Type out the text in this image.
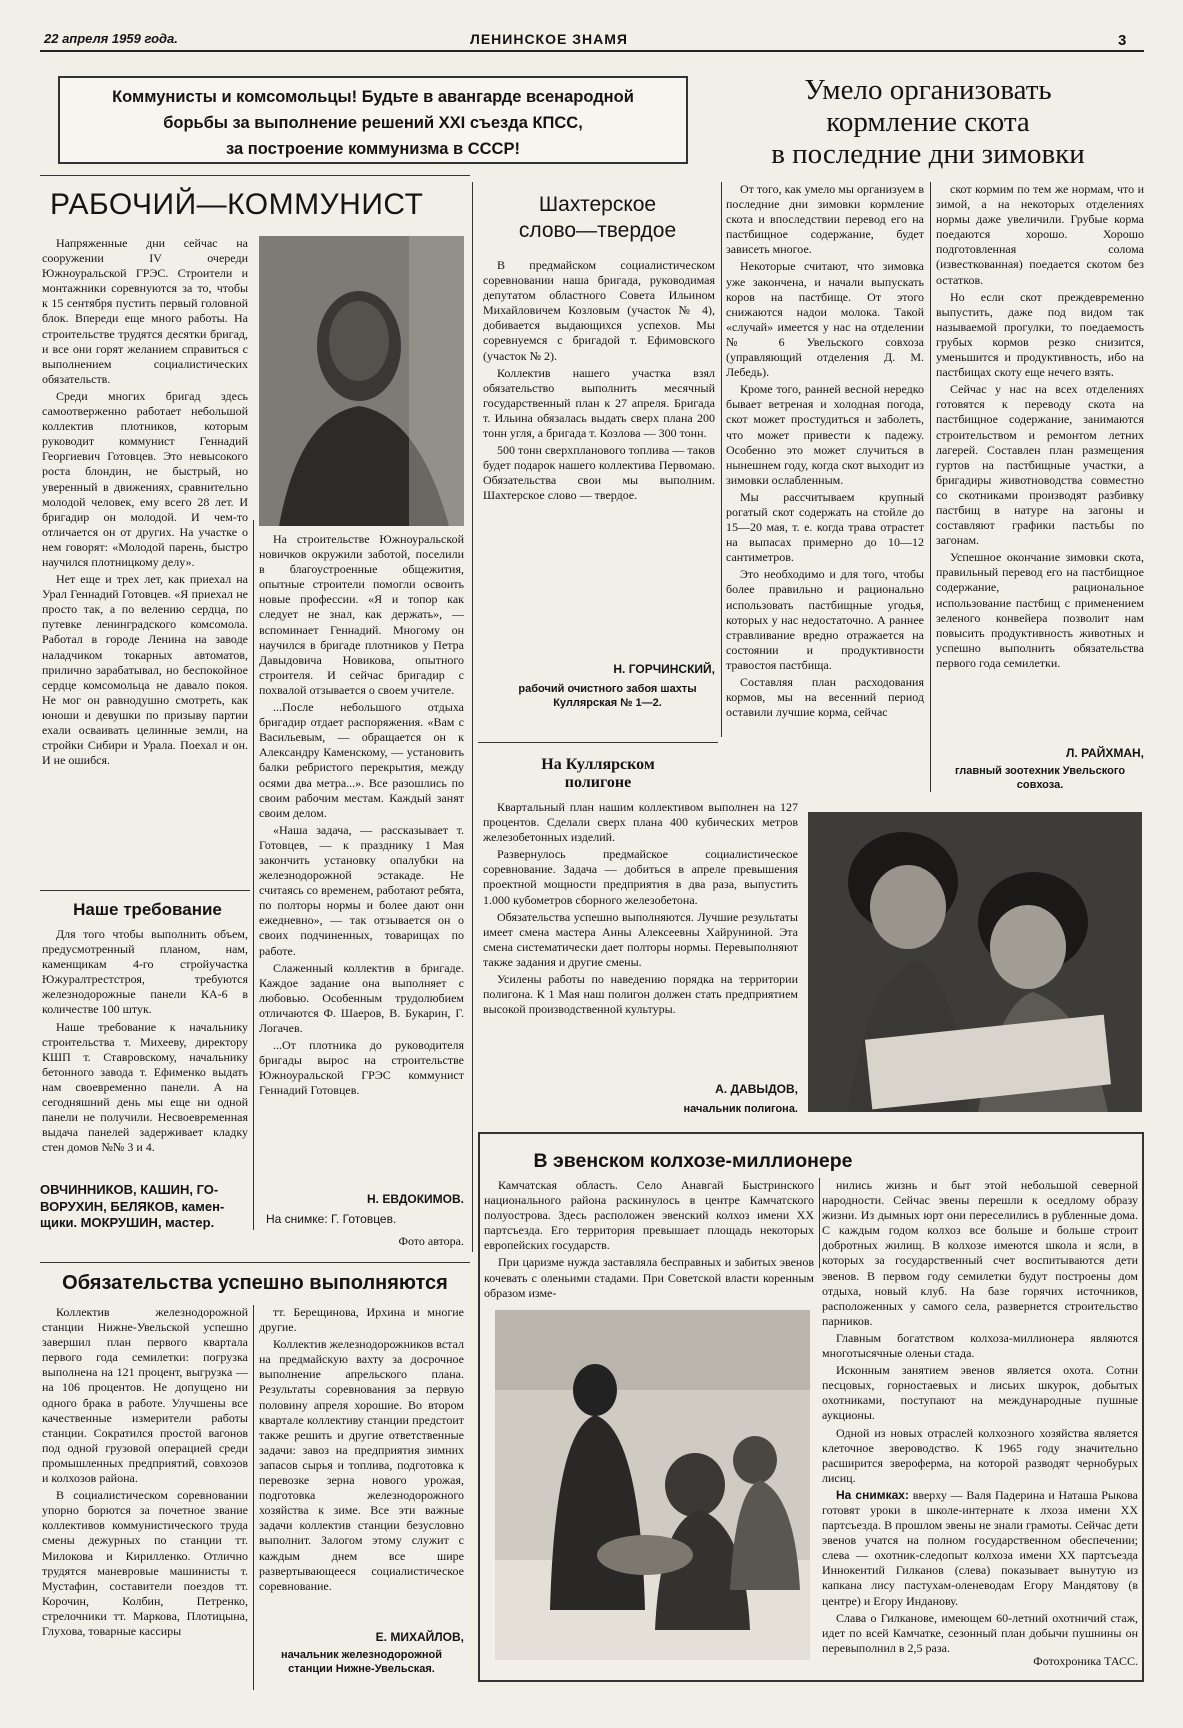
22 апреля 1959 года.	ЛЕНИНСКОЕ ЗНАМЯ	3
Коммунисты и комсомольцы! Будьте в авангарде всенародной
борьбы за выполнение решений XXI съезда КПСС,
за построение коммунизма в СССР!
РАБОЧИЙ—КОММУНИСТ

Напряженные дни сейчас на сооружении IV очереди Южноуральской ГРЭС. Строители и монтажники соревнуются за то, чтобы к 15 сентября пустить первый головной блок. Впереди еще много работы. На строительстве трудятся десятки бригад, и все они горят желанием справиться с выполнением социалистических обязательств.

Среди многих бригад здесь самоотверженно работает небольшой коллектив плотников, которым руководит коммунист Геннадий Георгиевич Готовцев. Это невысокого роста блондин, не быстрый, но уверенный в движениях, сравнительно молодой человек, ему всего 28 лет. И бригадир он молодой. И чем-то отличается он от других. На участке о нем говорят: «Молодой парень, быстро научился плотницкому делу».

Нет еще и трех лет, как приехал на Урал Геннадий Готовцев. «Я приехал не просто так, а по велению сердца, по путевке ленинградского комсомола. Работал в городе Ленина на заводе наладчиком токарных автоматов, прилично зарабатывал, но беспокойное сердце комсомольца не давало покоя. Не мог он равнодушно смотреть, как юноши и девушки по призыву партии ехали осваивать целинные земли, на стройки Сибири и Урала. Поехал и он. И не ошибся.

На строительстве Южноуральской новичков окружили заботой, поселили в благоустроенные общежития, опытные строители помогли освоить новые профессии. «Я и топор как следует не знал, как держать», — вспоминает Геннадий. Многому он научился в бригаде плотников у Петра Давыдовича Новикова, опытного строителя. И сейчас бригадир с похвалой отзывается о своем учителе.

...После небольшого отдыха бригадир отдает распоряжения. «Вам с Васильевым, — обращается он к Александру Каменскому, — установить балки ребристого перекрытия, между осями два метра...». Все разошлись по своим рабочим местам. Каждый занят своим делом.

«Наша задача, — рассказывает т. Готовцев, — к празднику 1 Мая закончить установку опалубки на железнодорожной эстакаде. Не считаясь со временем, работают ребята, по полторы нормы и более дают они ежедневно», — так отзывается он о своих подчиненных, товарищах по работе.

Слаженный коллектив в бригаде. Каждое задание она выполняет с любовью. Особенным трудолюбием отличаются Ф. Шаеров, В. Букарин, Г. Логачев.

...От плотника до руководителя бригады вырос на строительстве Южноуральской ГРЭС коммунист Геннадий Готовцев.

Н. ЕВДОКИМОВ.
На снимке: Г. Готовцев.
Фото автора.
Наше требование

Для того чтобы выполнить объем, предусмотренный планом, нам, каменщикам 4-го стройучастка Южуралтрестстроя, требуются железнодорожные панели КА-6 в количестве 100 штук.

Наше требование к начальнику строительства т. Михееву, директору КШП т. Ставровскому, начальнику бетонного завода т. Ефименко выдать нам своевременно панели. А на сегодняшний день мы еще ни одной панели не получили. Несвоевременная выдача панелей задерживает кладку стен домов №№ 3 и 4.

ОВЧИННИКОВ, КАШИН, ГО-
ВОРУХИН, БЕЛЯКОВ, камен-
щики. МОКРУШИН, мастер.
Шахтерское
слово—твердое

В предмайском социалистическом соревновании наша бригада, руководимая депутатом областного Совета Ильином Михайловичем Козловым (участок № 4), добивается выдающихся успехов. Мы соревнуемся с бригадой т. Ефимовского (участок № 2).

Коллектив нашего участка взял обязательство выполнить месячный государственный план к 27 апреля. Бригада т. Ильина обязалась выдать сверх плана 200 тонн угля, а бригада т. Козлова — 300 тонн.

500 тонн сверхпланового топлива — таков будет подарок нашего коллектива Первомаю. Обязательства свои мы выполним. Шахтерское слово — твердое.

Н. ГОРЧИНСКИЙ,
рабочий очистного забоя шахты Куллярская № 1—2.
На Куллярском
полигоне

Квартальный план нашим коллективом выполнен на 127 процентов. Сделали сверх плана 400 кубических метров железобетонных изделий.

Развернулось предмайское социалистическое соревнование. Задача — добиться в апреле превышения проектной мощности предприятия в два раза, выпустить 1.000 кубометров сборного железобетона.

Обязательства успешно выполняются. Лучшие результаты имеет смена мастера Анны Алексеевны Хайруниной. Эта смена систематически дает полторы нормы. Перевыполняют также задания и другие смены.

Усилены работы по наведению порядка на территории полигона. К 1 Мая наш полигон должен стать предприятием высокой производственной культуры.

А. ДАВЫДОВ,
начальник полигона.
Умело организовать
кормление скота
в последние дни зимовки

От того, как умело мы организуем в последние дни зимовки кормление скота и впоследствии перевод его на пастбищное содержание, будет зависеть многое.

Некоторые считают, что зимовка уже закончена, и начали выпускать коров на пастбище. От этого снижаются надои молока. Такой «случай» имеется у нас на отделении № 6 Увельского совхоза (управляющий отделения Д. М. Лебедь).

Кроме того, ранней весной нередко бывает ветреная и холодная погода, скот может простудиться и заболеть, что может привести к падежу. Особенно это может случиться в нынешнем году, когда скот выходит из зимовки ослабленным.

Мы рассчитываем крупный рогатый скот содержать на стойле до 15—20 мая, т. е. когда трава отрастет на выпасах примерно до 10—12 сантиметров.

Это необходимо и для того, чтобы более правильно и рационально использовать пастбищные угодья, которых у нас недостаточно. А раннее стравливание вредно отражается на состоянии и продуктивности травостоя пастбища.

Составляя план расходования кормов, мы на весенний период оставили лучшие корма, сейчас

скот кормим по тем же нормам, что и зимой, а на некоторых отделениях нормы даже увеличили. Грубые корма поедаются хорошо. Хорошо подготовленная солома (известкованная) поедается скотом без остатков.

Но если скот преждевременно выпустить, даже под видом так называемой прогулки, то поедаемость грубых кормов резко снизится, уменьшится и продуктивность, ибо на пастбищах скоту еще нечего взять.

Сейчас у нас на всех отделениях готовятся к переводу скота на пастбищное содержание, занимаются строительством и ремонтом летних лагерей. Составлен план размещения гуртов на пастбищные участки, а бригадиры животноводства совместно со скотниками производят разбивку пастбищ в натуре на загоны и составляют графики пастьбы по загонам.

Успешное окончание зимовки скота, правильный перевод его на пастбищное содержание, рациональное использование пастбищ с применением зеленого конвейера позволит нам повысить продуктивность животных и успешно выполнить обязательства первого года семилетки.

Л. РАЙХМАН,
главный зоотехник Увельского
совхоза.
В эвенском колхозе-миллионере

Камчатская область. Село Анавгай Быстринского национального района раскинулось в центре Камчатского полуострова. Здесь расположен эвенский колхоз имени XX партсъезда. Его территория превышает площадь некоторых европейских государств.

При царизме нужда заставляла бесправных и забитых эвенов кочевать с оленьими стадами. При Советской власти коренным образом изме-

нились жизнь и быт этой небольшой северной народности. Сейчас эвены перешли к оседлому образу жизни. Из дымных юрт они переселились в рубленные дома. С каждым годом колхоз все больше и больше строит добротных жилищ. В колхозе имеются школа и ясли, в которых за государственный счет воспитываются дети эвенов. В первом году семилетки будут построены дом отдыха, новый клуб. На базе горячих источников, расположенных у самого села, развернется строительство парников.

Главным богатством колхоза-миллионера являются многотысячные оленьи стада.

Исконным занятием эвенов является охота. Сотни песцовых, горностаевых и лисьих шкурок, добытых охотниками, поступают на международные пушные аукционы.

Одной из новых отраслей колхозного хозяйства является клеточное звероводство. К 1965 году значительно расширится зверoферма, на которой разводят чернобурых лисиц.

На снимках: вверху — Валя Падерина и Наташа Рыкова готовят уроки в школе-интернате к лхоза имени XX партсъезда. В прошлом эвены не знали грамоты. Сейчас дети эвенов учатся на полном государственном обеспечении; слева — охотник-следопыт колхоза имени XX партсъезда Иннокентий Гилканов (слева) показывает вынутую из капкана лису пастухам-оленеводам Егору Мандятову (в центре) и Егору Инданову.

Слава о Гилканове, имеющем 60-летний охотничий стаж, идет по всей Камчатке, сезонный план добычи пушнины он перевыполнил в 2,5 раза.

Фотохроника ТАСС.
Обязательства успешно выполняются

Коллектив железнодорожной станции Нижне-Увельской успешно завершил план первого квартала первого года семилетки: погрузка выполнена на 121 процент, выгрузка — на 106 процентов. Не допущено ни одного брака в работе. Улучшены все качественные измерители работы станции. Сократился простой вагонов под одной грузовой операцией среди промышленных предприятий, совхозов и колхозов района.

В социалистическом соревновании упорно борются за почетное звание коллективов коммунистического труда смены дежурных по станции тт. Милокова и Кирилленко. Отлично трудятся маневровые машинисты т. Мустафин, составители поездов тт. Корочин, Колбин, Петренко, стрелочники тт. Маркова, Плотицына, Глухова, товарные кассиры

тт. Берещинова, Ирхина и многие другие.

Коллектив железнодорожников встал на предмайскую вахту за досрочное выполнение апрельского плана. Результаты соревнования за первую половину апреля хорошие. Во втором квартале коллективу станции предстоит также решить и другие ответственные задачи: завоз на предприятия зимних запасов сырья и топлива, подготовка к перевозке зерна нового урожая, подготовка железнодорожного хозяйства к зиме. Все эти важные задачи коллектив станции безусловно выполнит. Залогом этому служит с каждым днем все шире развертывающееся социалистическое соревнование.

Е. МИХАЙЛОВ,
начальник железнодорожной
станции Нижне-Увельская.
